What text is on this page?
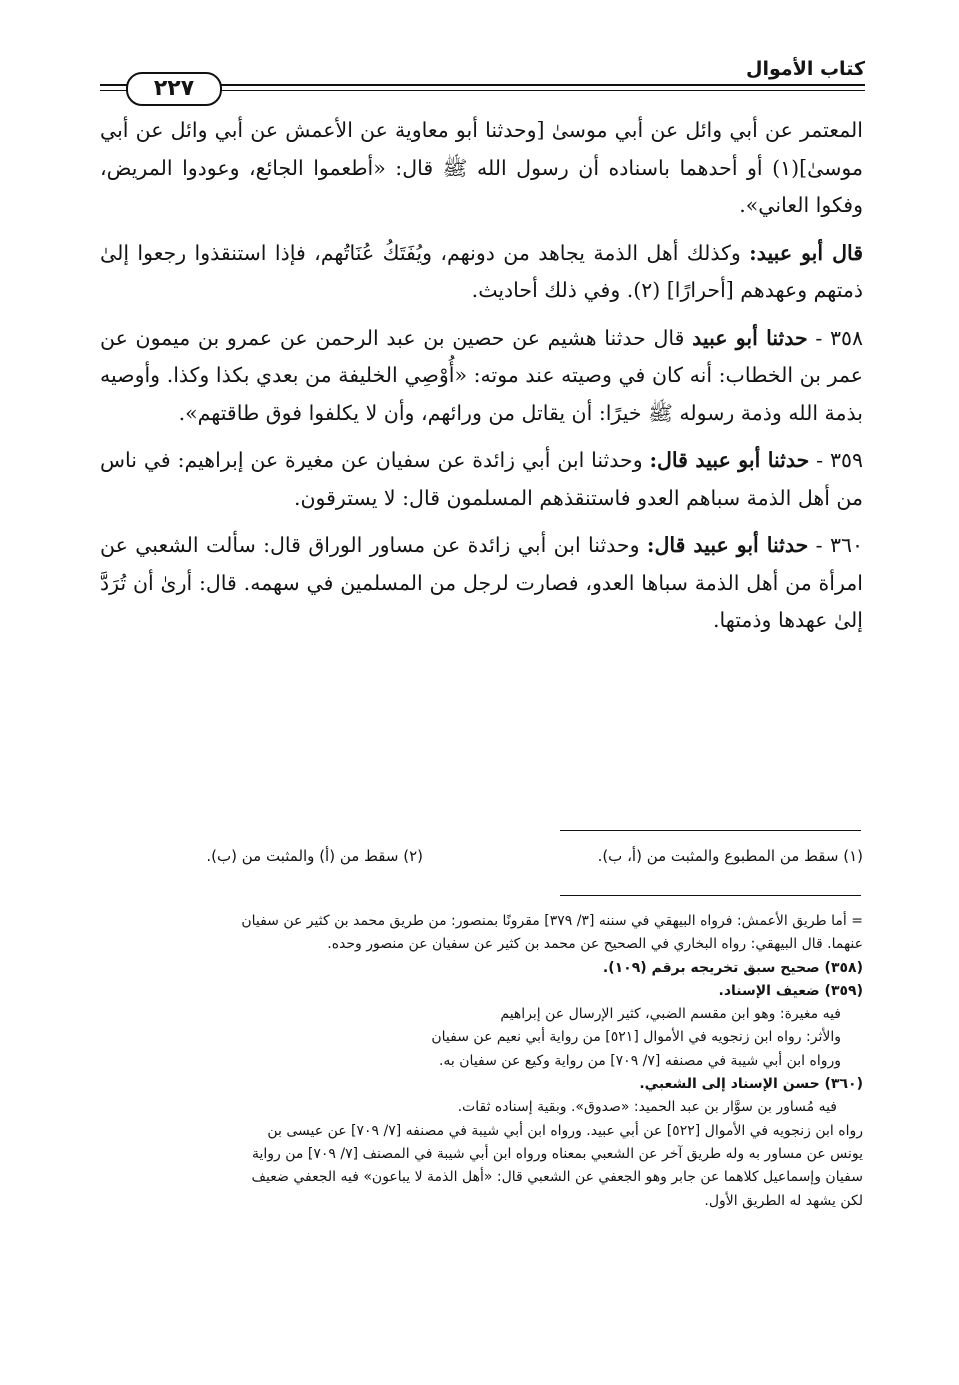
كتاب الأموال
٢٢٧

المعتمر عن أبي وائل عن أبي موسىٰ [وحدثنا أبو معاوية عن الأعمش عن أبي وائل عن أبي موسىٰ](١) أو أحدهما باسناده أن رسول الله ﷺ قال: «أطعموا الجائع، وعودوا المريض، وفكوا العاني».

قال أبو عبيد: وكذلك أهل الذمة يجاهد من دونهم، ويُفَتَكُ عُنَاتُهم، فإذا استنقذوا رجعوا إلىٰ ذمتهم وعهدهم [أحرارًا] (٢). وفي ذلك أحاديث.

٣٥٨ - حدثنا أبو عبيد قال حدثنا هشيم عن حصين بن عبد الرحمن عن عمرو بن ميمون عن عمر بن الخطاب: أنه كان في وصيته عند موته: «أُوْصِي الخليفة من بعدي بكذا وكذا. وأوصيه بذمة الله وذمة رسوله ﷺ خيرًا: أن يقاتل من ورائهم، وأن لا يكلفوا فوق طاقتهم».

٣٥٩ - حدثنا أبو عبيد قال: وحدثنا ابن أبي زائدة عن سفيان عن مغيرة عن إبراهيم: في ناس من أهل الذمة سباهم العدو فاستنقذهم المسلمون قال: لا يسترقون.

٣٦٠ - حدثنا أبو عبيد قال: وحدثنا ابن أبي زائدة عن مساور الوراق قال: سألت الشعبي عن امرأة من أهل الذمة سباها العدو، فصارت لرجل من المسلمين في سهمه. قال: أرىٰ أن تُرَدَّ إلىٰ عهدها وذمتها.

(١) سقط من المطبوع والمثبت من (أ، ب).
(٢) سقط من (أ) والمثبت من (ب).
= أما طريق الأعمش: فرواه البيهقي في سننه [٣/ ٣٧٩] مقرونًا بمنصور: من طريق محمد بن كثير عن سفيان
عنهما. قال البيهقي: رواه البخاري في الصحيح عن محمد بن كثير عن سفيان عن منصور وحده.
(٣٥٨) صحيح سبق تخريجه برقم (١٠٩).
(٣٥٩) ضعيف الإسناد.
فيه مغيرة: وهو ابن مقسم الضبي، كثير الإرسال عن إبراهيم
والأثر: رواه ابن زنجويه في الأموال [٥٢١] من رواية أبي نعيم عن سفيان
ورواه ابن أبي شيبة في مصنفه [٧/ ٧٠٩] من رواية وكيع عن سفيان به.
(٣٦٠) حسن الإسناد إلى الشعبي.
فيه مُساور بن سوَّار بن عبد الحميد: «صدوق». وبقية إسناده ثقات.
رواه ابن زنجويه في الأموال [٥٢٢] عن أبي عبيد. ورواه ابن أبي شيبة في مصنفه [٧/ ٧٠٩] عن عيسى بن
يونس عن مساور به وله طريق آخر عن الشعبي بمعناه ورواه ابن أبي شيبة في المصنف [٧/ ٧٠٩] من رواية
سفيان وإسماعيل كلاهما عن جابر وهو الجعفي عن الشعبي قال: «أهل الذمة لا يباعون» فيه الجعفي ضعيف
لكن يشهد له الطريق الأول.
